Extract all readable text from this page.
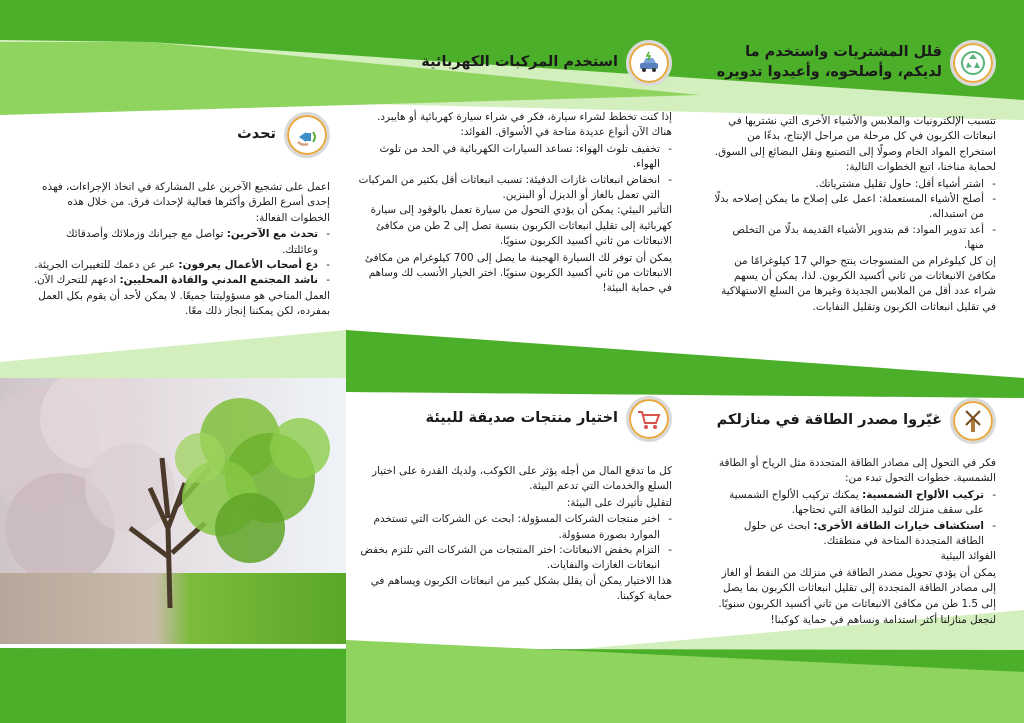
قلل المشتريات واستخدم ما
لديكم، وأصلحوه، وأعيدوا تدويره

تتسبب الإلكترونيات والملابس والأشياء الأخرى التي نشتريها في انبعاثات الكربون في كل مرحلة من مراحل الإنتاج، بدءًا من استخراج المواد الخام وصولًا إلى التصنيع ونقل البضائع إلى السوق. لحماية مناخنا، اتبع الخطوات التالية:

- اشتر أشياء أقل: حاول تقليل مشترياتك.
- أصلح الأشياء المستعملة: اعمل على إصلاح ما يمكن إصلاحه بدلًا من استبداله.
- أعد تدوير المواد: قم بتدوير الأشياء القديمة بدلًا من التخلص منها.

إن كل كيلوغرام من المنسوجات ينتج حوالي 17 كيلوغرامًا من مكافئ الانبعاثات من ثاني أكسيد الكربون. لذا، يمكن أن يسهم شراء عدد أقل من الملابس الجديدة وغيرها من السلع الاستهلاكية في تقليل انبعاثات الكربون وتقليل النفايات.

غيّروا مصدر الطاقة في منازلكم

فكر في التحول إلى مصادر الطاقة المتجددة مثل الرياح أو الطاقة الشمسية. خطوات التحول تبدء من:

- تركيب الألواح الشمسية: يمكنك تركيب الألواح الشمسية على سقف منزلك لتوليد الطاقة التي تحتاجها.
- استكشاف خيارات الطاقة الأخرى: ابحث عن حلول الطاقة المتجددة المتاحة في منطقتك.

الفوائد البيئية

يمكن أن يؤدي تحويل مصدر الطاقة في منزلك من النفط أو الغاز إلى مصادر الطاقة المتجددة إلى تقليل انبعاثات الكربون بما يصل إلى 1.5 طن من مكافئ الانبعاثات من ثاني أكسيد الكربون سنويًا.

لنجعل منازلنا أكثر استدامة ونساهم في حماية كوكبنا!

استخدم المركبات الكهربائية

إذا كنت تخطط لشراء سيارة، فكر في شراء سيارة كهربائية أو هايبرد. هناك الآن أنواع عديدة متاحة في الأسواق. الفوائد:

- تخفيف تلوث الهواء: تساعد السيارات الكهربائية في الحد من تلوث الهواء.
- انخفاض انبعاثات غازات الدفيئة: تسبب انبعاثات أقل بكثير من المركبات التي تعمل بالغاز أو الديزل أو البنزين.

التأثير البيئي: يمكن أن يؤدي التحول من سيارة تعمل بالوقود إلى سيارة كهربائية إلى تقليل انبعاثات الكربون بنسبة تصل إلى 2 طن من مكافئ الانبعاثات من ثاني أكسيد الكربون سنويًا.

يمكن أن توفر لك السيارة الهجينة ما يصل إلى 700 كيلوغرام من مكافئ الانبعاثات من ثاني أكسيد الكربون سنويًا. اختر الخيار الأنسب لك وساهم في حماية البيئة!

اختيار منتجات صديقة للبيئة

كل ما تدفع المال من أجله يؤثر على الكوكب، ولديك القدرة على اختيار السلع والخدمات التي تدعم البيئة.

لتقليل تأثيرك على البيئة:

- اختر منتجات الشركات المسؤولة: ابحث عن الشركات التي تستخدم الموارد بصورة مسؤولة.
- التزام بخفض الانبعاثات: اختر المنتجات من الشركات التي تلتزم بخفض انبعاثات الغازات والنفايات.

هذا الاختيار يمكن أن يقلل بشكل كبير من انبعاثات الكربون ويساهم في حماية كوكبنا.

تحدث

اعمل على تشجيع الآخرين على المشاركة في اتخاذ الإجراءات، فهذه إحدى أسرع الطرق وأكثرها فعالية لإحداث فرق. من خلال هذه الخطوات الفعالة:

- تحدث مع الآخرين: تواصل مع جيرانك وزملائك وأصدقائك وعائلتك.
- دع أصحاب الأعمال يعرفون: عبر عن دعمك للتغييرات الجريئة.
- ناشد المجتمع المدني والقادة المحليين: ادعهم للتحرك الآن.

العمل المناخي هو مسؤوليتنا جميعًا. لا يمكن لأحد أن يقوم بكل العمل بمفرده، لكن يمكننا إنجاز ذلك معًا.
